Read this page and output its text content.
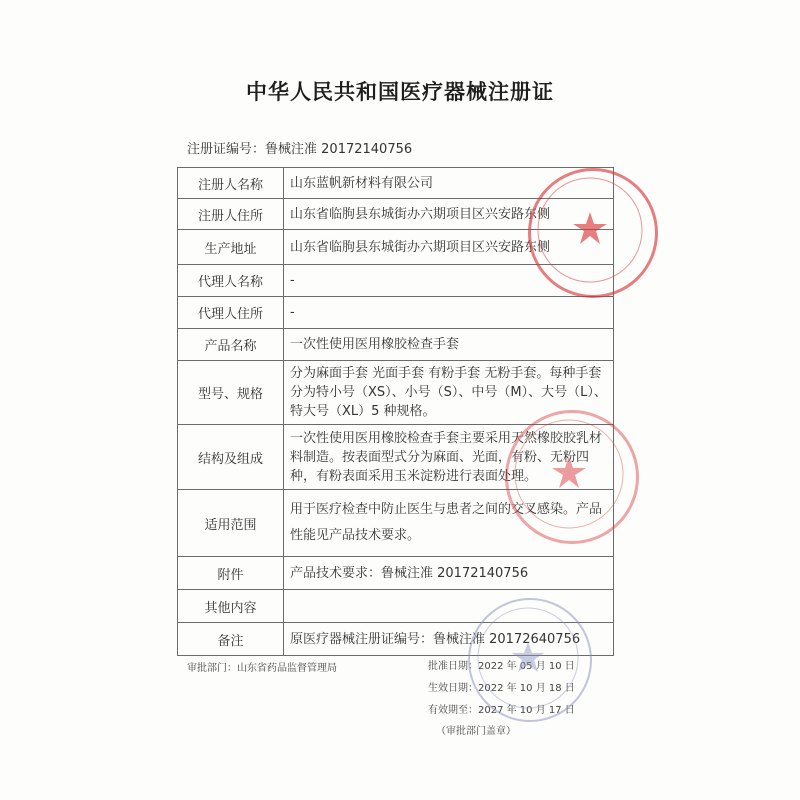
中华人民共和国医疗器械注册证
注册证编号：鲁械注准 20172140756
注册人名称	山东蓝帆新材料有限公司
注册人住所	山东省临朐县东城街办六期项目区兴安路东侧
生产地址	山东省临朐县东城街办六期项目区兴安路东侧
代理人名称	-
代理人住所	-
产品名称	一次性使用医用橡胶检查手套
型号、规格	分为麻面手套 光面手套 有粉手套 无粉手套。每种手套分为特小号（XS）、小号（S）、中号（M）、大号（L）、特大号（XL）5 种规格。
结构及组成	一次性使用医用橡胶检查手套主要采用天然橡胶胶乳材料制造。按表面型式分为麻面、光面，有粉、无粉四种，有粉表面采用玉米淀粉进行表面处理。
适用范围	用于医疗检查中防止医生与患者之间的交叉感染。产品性能见产品技术要求。
附件	产品技术要求：鲁械注准 20172140756
其他内容	
备注	原医疗器械注册证编号：鲁械注准 20172640756
审批部门：山东省药品监督管理局	批准日期：2022 年 05 月 10 日
生效日期：2022 年 10 月 18 日
有效期至：2027 年 10 月 17 日
（审批部门盖章）
